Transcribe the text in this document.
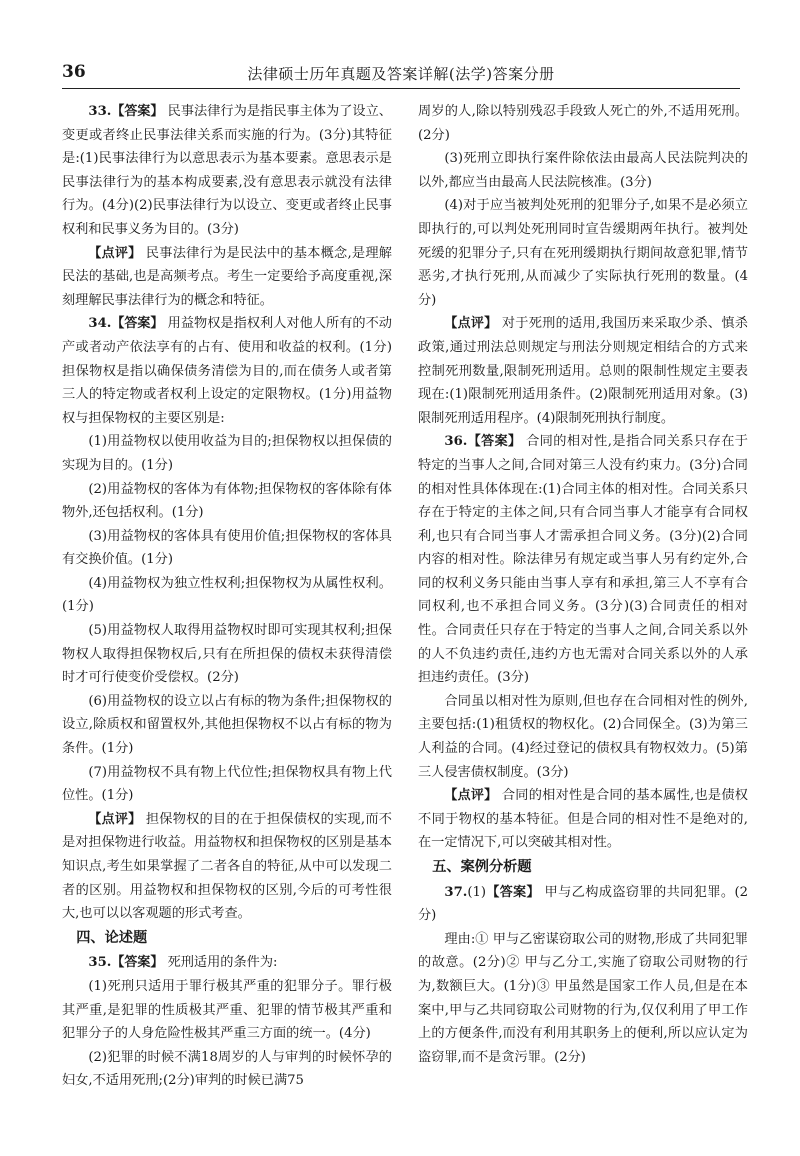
36	法律硕士历年真题及答案详解(法学)答案分册

33.【答案】 民事法律行为是指民事主体为了设立、变更或者终止民事法律关系而实施的行为。(3分)其特征是:(1)民事法律行为以意思表示为基本要素。意思表示是民事法律行为的基本构成要素,没有意思表示就没有法律行为。(4分)(2)民事法律行为以设立、变更或者终止民事权利和民事义务为目的。(3分)

【点评】 民事法律行为是民法中的基本概念,是理解民法的基础,也是高频考点。考生一定要给予高度重视,深刻理解民事法律行为的概念和特征。

34.【答案】 用益物权是指权利人对他人所有的不动产或者动产依法享有的占有、使用和收益的权利。(1分)担保物权是指以确保债务清偿为目的,而在债务人或者第三人的特定物或者权利上设定的定限物权。(1分)用益物权与担保物权的主要区别是:

(1)用益物权以使用收益为目的;担保物权以担保债的实现为目的。(1分)

(2)用益物权的客体为有体物;担保物权的客体除有体物外,还包括权利。(1分)

(3)用益物权的客体具有使用价值;担保物权的客体具有交换价值。(1分)

(4)用益物权为独立性权利;担保物权为从属性权利。(1分)

(5)用益物权人取得用益物权时即可实现其权利;担保物权人取得担保物权后,只有在所担保的债权未获得清偿时才可行使变价受偿权。(2分)

(6)用益物权的设立以占有标的物为条件;担保物权的设立,除质权和留置权外,其他担保物权不以占有标的物为条件。(1分)

(7)用益物权不具有物上代位性;担保物权具有物上代位性。(1分)

【点评】 担保物权的目的在于担保债权的实现,而不是对担保物进行收益。用益物权和担保物权的区别是基本知识点,考生如果掌握了二者各自的特征,从中可以发现二者的区别。用益物权和担保物权的区别,今后的可考性很大,也可以以客观题的形式考查。

四、论述题

35.【答案】 死刑适用的条件为:

(1)死刑只适用于罪行极其严重的犯罪分子。罪行极其严重,是犯罪的性质极其严重、犯罪的情节极其严重和犯罪分子的人身危险性极其严重三方面的统一。(4分)

(2)犯罪的时候不满18周岁的人与审判的时候怀孕的妇女,不适用死刑;(2分)审判的时候已满75

周岁的人,除以特别残忍手段致人死亡的外,不适用死刑。(2分)

(3)死刑立即执行案件除依法由最高人民法院判决的以外,都应当由最高人民法院核准。(3分)

(4)对于应当被判处死刑的犯罪分子,如果不是必须立即执行的,可以判处死刑同时宣告缓期两年执行。被判处死缓的犯罪分子,只有在死刑缓期执行期间故意犯罪,情节恶劣,才执行死刑,从而减少了实际执行死刑的数量。(4分)

【点评】 对于死刑的适用,我国历来采取少杀、慎杀政策,通过刑法总则规定与刑法分则规定相结合的方式来控制死刑数量,限制死刑适用。总则的限制性规定主要表现在:(1)限制死刑适用条件。(2)限制死刑适用对象。(3)限制死刑适用程序。(4)限制死刑执行制度。

36.【答案】 合同的相对性,是指合同关系只存在于特定的当事人之间,合同对第三人没有约束力。(3分)合同的相对性具体体现在:(1)合同主体的相对性。合同关系只存在于特定的主体之间,只有合同当事人才能享有合同权利,也只有合同当事人才需承担合同义务。(3分)(2)合同内容的相对性。除法律另有规定或当事人另有约定外,合同的权利义务只能由当事人享有和承担,第三人不享有合同权利,也不承担合同义务。(3分)(3)合同责任的相对性。合同责任只存在于特定的当事人之间,合同关系以外的人不负违约责任,违约方也无需对合同关系以外的人承担违约责任。(3分)

合同虽以相对性为原则,但也存在合同相对性的例外,主要包括:(1)租赁权的物权化。(2)合同保全。(3)为第三人利益的合同。(4)经过登记的债权具有物权效力。(5)第三人侵害债权制度。(3分)

【点评】 合同的相对性是合同的基本属性,也是债权不同于物权的基本特征。但是合同的相对性不是绝对的,在一定情况下,可以突破其相对性。

五、案例分析题

37.(1)【答案】 甲与乙构成盗窃罪的共同犯罪。(2分)

理由:① 甲与乙密谋窃取公司的财物,形成了共同犯罪的故意。(2分)② 甲与乙分工,实施了窃取公司财物的行为,数额巨大。(1分)③ 甲虽然是国家工作人员,但是在本案中,甲与乙共同窃取公司财物的行为,仅仅利用了甲工作上的方便条件,而没有利用其职务上的便利,所以应认定为盗窃罪,而不是贪污罪。(2分)
